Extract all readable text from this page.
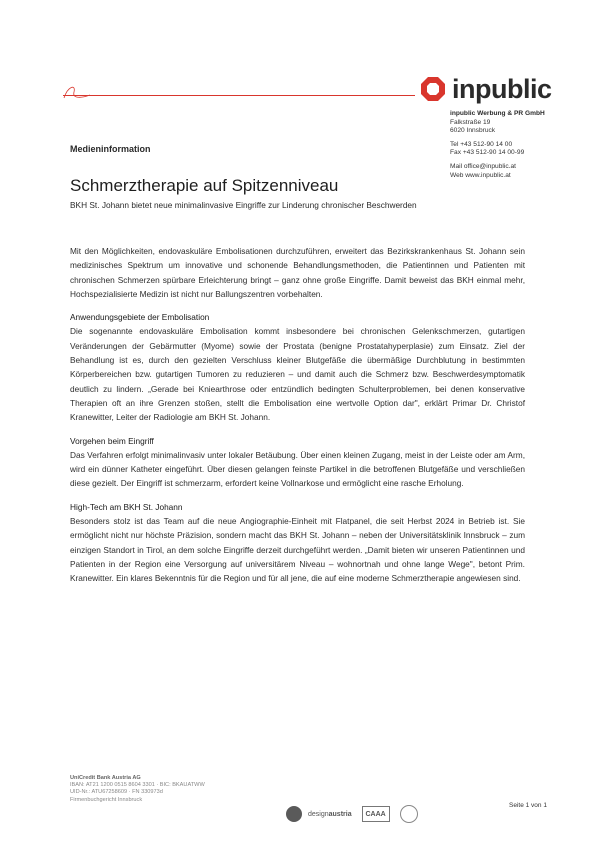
inpublic
inpublic Werbung & PR GmbH
Falkstraße 19
6020 Innsbruck
Tel +43 512-90 14 00
Fax +43 512-90 14 00-99
Mail office@inpublic.at
Web www.inpublic.at
Medieninformation
Schmerztherapie auf Spitzenniveau
BKH St. Johann bietet neue minimalinvasive Eingriffe zur Linderung chronischer Beschwerden

Mit den Möglichkeiten, endovaskuläre Embolisationen durchzuführen, erweitert das Bezirkskrankenhaus St. Johann sein medizinisches Spektrum um innovative und schonende Behandlungsmethoden, die Patientinnen und Patienten mit chronischen Schmerzen spürbare Erleichterung bringt – ganz ohne große Eingriffe. Damit beweist das BKH einmal mehr, Hochspezialisierte Medizin ist nicht nur Ballungszentren vorbehalten.

Anwendungsgebiete der Embolisation

Die sogenannte endovaskuläre Embolisation kommt insbesondere bei chronischen Gelenkschmerzen, gutartigen Veränderungen der Gebärmutter (Myome) sowie der Prostata (benigne Prostatahyperplasie) zum Einsatz. Ziel der Behandlung ist es, durch den gezielten Verschluss kleiner Blutgefäße die übermäßige Durchblutung in bestimmten Körperbereichen bzw. gutartigen Tumoren zu reduzieren – und damit auch die Schmerz bzw. Beschwerdesymptomatik deutlich zu lindern. „Gerade bei Kniearthrose oder entzündlich bedingten Schulterproblemen, bei denen konservative Therapien oft an ihre Grenzen stoßen, stellt die Embolisation eine wertvolle Option dar", erklärt Primar Dr. Christof Kranewitter, Leiter der Radiologie am BKH St. Johann.

Vorgehen beim Eingriff

Das Verfahren erfolgt minimalinvasiv unter lokaler Betäubung. Über einen kleinen Zugang, meist in der Leiste oder am Arm, wird ein dünner Katheter eingeführt. Über diesen gelangen feinste Partikel in die betroffenen Blutgefäße und verschließen diese gezielt. Der Eingriff ist schmerzarm, erfordert keine Vollnarkose und ermöglicht eine rasche Erholung.

High-Tech am BKH St. Johann

Besonders stolz ist das Team auf die neue Angiographie-Einheit mit Flatpanel, die seit Herbst 2024 in Betrieb ist. Sie ermöglicht nicht nur höchste Präzision, sondern macht das BKH St. Johann – neben der Universitätsklinik Innsbruck – zum einzigen Standort in Tirol, an dem solche Eingriffe derzeit durchgeführt werden. „Damit bieten wir unseren Patientinnen und Patienten in der Region eine Versorgung auf universitärem Niveau – wohnortnah und ohne lange Wege", betont Prim. Kranewitter. Ein klares Bekenntnis für die Region und für all jene, die auf eine moderne Schmerztherapie angewiesen sind.

UniCredit Bank Austria AG
IBAN: AT21 1200 0515 8604 3301 · BIC: BKAUATWW
UID-Nr.: ATU67258609 · FN 330973d
Firmenbuchgericht Innsbruck
designaustria	CAAA
Seite 1 von 1
